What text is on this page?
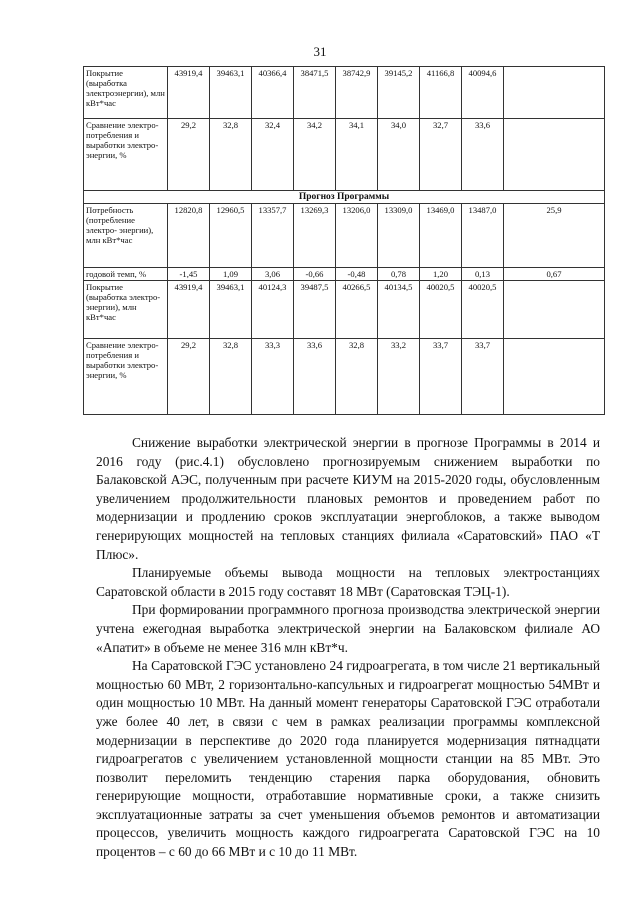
31
Покрытие (выработка электроэнергии), млн кВт*час	43919,4	39463,1	40366,4	38471,5	38742,9	39145,2	41166,8	40094,6	
Сравнение электро- потребления и выработки электро- энергии, %	29,2	32,8	32,4	34,2	34,1	34,0	32,7	33,6	
Прогноз Программы									
Потребность (потребление электро- энергии), млн кВт*час	12820,8	12960,5	13357,7	13269,3	13206,0	13309,0	13469,0	13487,0	25,9
годовой темп, %	-1,45	1,09	3,06	-0,66	-0,48	0,78	1,20	0,13	0,67
Покрытие (выработка электро- энергии), млн кВт*час	43919,4	39463,1	40124,3	39487,5	40266,5	40134,5	40020,5	40020,5	
Сравнение электро- потребления и выработки электро- энергии, %	29,2	32,8	33,3	33,6	32,8	33,2	33,7	33,7	

Снижение выработки электрической энергии в прогнозе Программы в 2014 и 2016 году (рис.4.1) обусловлено прогнозируемым снижением выработки по Балаковской АЭС, полученным при расчете КИУМ на 2015-2020 годы, обусловленным увеличением продолжительности плановых ремонтов и проведением работ по модернизации и продлению сроков эксплуатации энергоблоков, а также выводом генерирующих мощностей на тепловых станциях филиала «Саратовский» ПАО «Т Плюс».

Планируемые объемы вывода мощности на тепловых электростанциях Саратовской области в 2015 году составят 18 МВт (Саратовская ТЭЦ-1).

При формировании программного прогноза производства электрической энергии учтена ежегодная выработка электрической энергии на Балаковском филиале АО «Апатит» в объеме не менее 316 млн кВт*ч.

На Саратовской ГЭС установлено 24 гидроагрегата, в том числе 21 вертикальный мощностью 60 МВт, 2 горизонтально-капсульных и гидроагрегат мощностью 54МВт и один мощностью 10 МВт. На данный момент генераторы Саратовской ГЭС отработали уже более 40 лет, в связи с чем в рамках реализации программы комплексной модернизации в перспективе до 2020 года планируется модернизация пятнадцати гидроагрегатов с увеличением установленной мощности станции на 85 МВт. Это позволит переломить тенденцию старения парка оборудования, обновить генерирующие мощности, отработавшие нормативные сроки, а также снизить эксплуатационные затраты за счет уменьшения объемов ремонтов и автоматизации процессов, увеличить мощность каждого гидроагрегата Саратовской ГЭС на 10 процентов – с 60 до 66 МВт и с 10 до 11 МВт.
